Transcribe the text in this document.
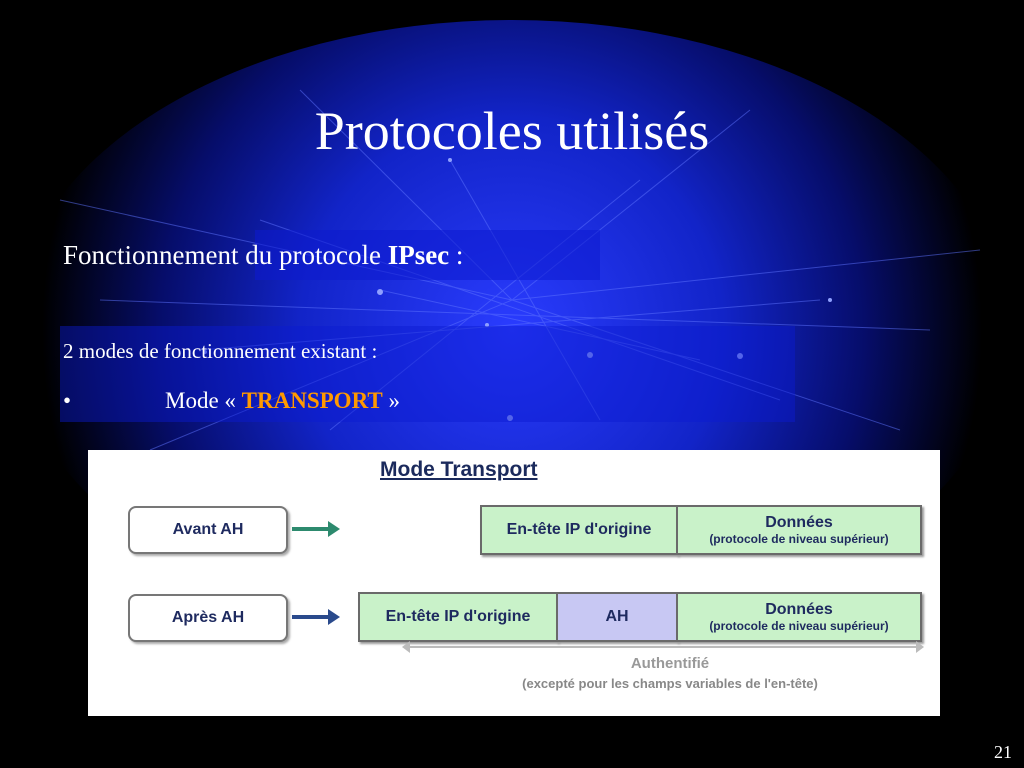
Protocoles utilisés
Fonctionnement du protocole IPsec :
2 modes de fonctionnement existant :
•	Mode « TRANSPORT »
Mode Transport
Avant AH	En-tête IP d'origine	Données
(protocole de niveau supérieur)
Après AH	En-tête IP d'origine	AH	Données
(protocole de niveau supérieur)
Authentifié
(excepté pour les champs variables de l'en-tête)
21
